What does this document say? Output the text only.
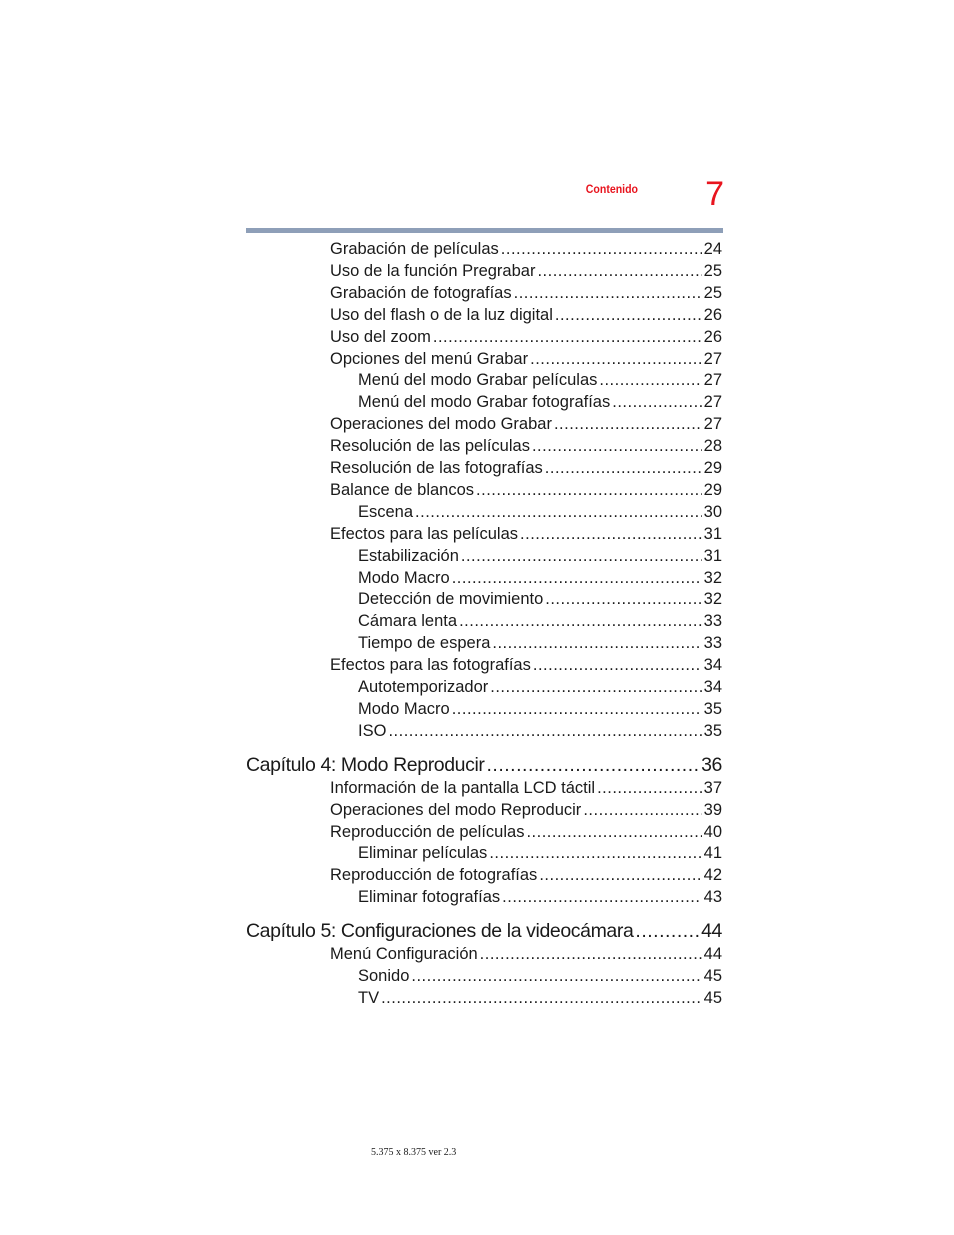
Contenido 7
Grabación de películas .....	24
Uso de la función Pregrabar .....	25
Grabación de fotografías .....	25
Uso del flash o de la luz digital .....	26
Uso del zoom .....	26
Opciones del menú Grabar .....	27
Menú del modo Grabar películas .....	27
Menú del modo Grabar fotografías .....	27
Operaciones del modo Grabar .....	27
Resolución de las películas .....	28
Resolución de las fotografías .....	29
Balance de blancos .....	29
Escena .....	30
Efectos para las películas .....	31
Estabilización .....	31
Modo Macro .....	32
Detección de movimiento .....	32
Cámara lenta .....	33
Tiempo de espera .....	33
Efectos para las fotografías .....	34
Autotemporizador .....	34
Modo Macro .....	35
ISO .....	35
Capítulo 4: Modo Reproducir .....	36
Información de la pantalla LCD táctil .....	37
Operaciones del modo Reproducir .....	39
Reproducción de películas .....	40
Eliminar películas .....	41
Reproducción de fotografías .....	42
Eliminar fotografías .....	43
Capítulo 5: Configuraciones de la videocámara .....	44
Menú Configuración .....	44
Sonido .....	45
TV .....	45
5.375 x 8.375 ver 2.3
